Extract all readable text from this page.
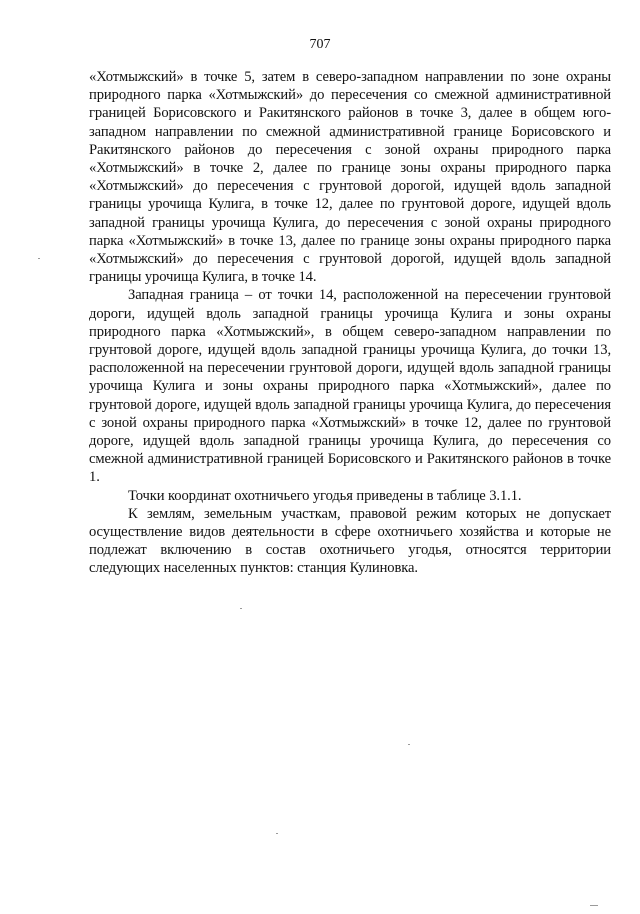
707

«Хотмыжский» в точке 5, затем в северо-западном направлении по зоне охраны природного парка «Хотмыжский» до пересечения со смежной административной границей Борисовского и Ракитянского районов в точке 3, далее в общем юго-западном направлении по смежной административной границе Борисовского и Ракитянского районов до пересечения с зоной охраны природного парка «Хотмыжский» в точке 2, далее по границе зоны охраны природного парка «Хотмыжский» до пересечения с грунтовой дорогой, идущей вдоль западной границы урочища Кулига, в точке 12, далее по грунтовой дороге, идущей вдоль западной границы урочища Кулига, до пересечения с зоной охраны природного парка «Хотмыжский» в точке 13, далее по границе зоны охраны природного парка «Хотмыжский» до пересечения с грунтовой дорогой, идущей вдоль западной границы урочища Кулига, в точке 14.

Западная граница – от точки 14, расположенной на пересечении грунтовой дороги, идущей вдоль западной границы урочища Кулига и зоны охраны природного парка «Хотмыжский», в общем северо-западном направлении по грунтовой дороге, идущей вдоль западной границы урочища Кулига, до точки 13, расположенной на пересечении грунтовой дороги, идущей вдоль западной границы урочища Кулига и зоны охраны природного парка «Хотмыжский», далее по грунтовой дороге, идущей вдоль западной границы урочища Кулига, до пересечения с зоной охраны природного парка «Хотмыжский» в точке 12, далее по грунтовой дороге, идущей вдоль западной границы урочища Кулига, до пересечения со смежной административной границей Борисовского и Ракитянского районов в точке 1.

Точки координат охотничьего угодья приведены в таблице 3.1.1.

К землям, земельным участкам, правовой режим которых не допускает осуществление видов деятельности в сфере охотничьего хозяйства и которые не подлежат включению в состав охотничьего угодья, относятся территории следующих населенных пунктов: станция Кулиновка.
